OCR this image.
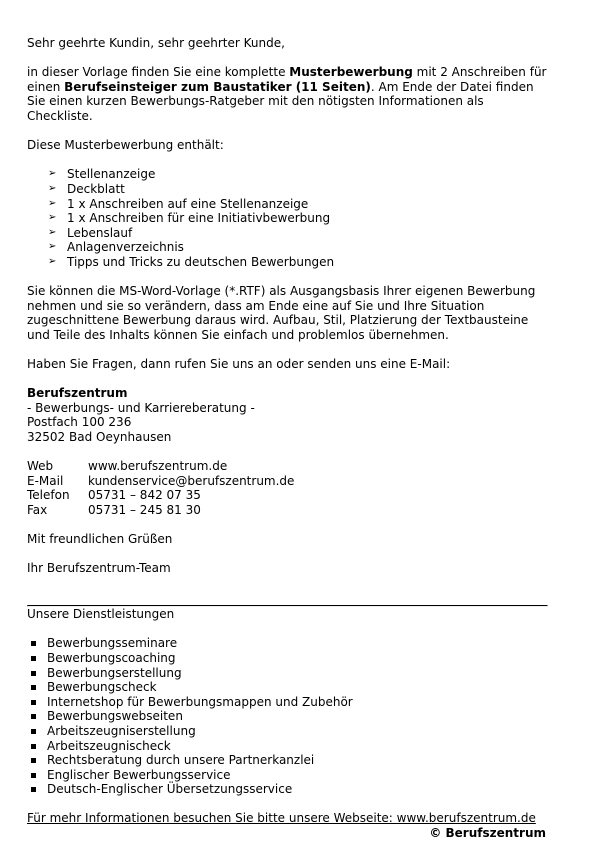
Sehr geehrte Kundin, sehr geehrter Kunde,

in dieser Vorlage finden Sie eine komplette Musterbewerbung mit 2 Anschreiben für einen Berufseinsteiger zum Baustatiker (11 Seiten). Am Ende der Datei finden Sie einen kurzen Bewerbungs-Ratgeber mit den nötigsten Informationen als Checkliste.

Diese Musterbewerbung enthält:

➢ Stellenanzeige
➢ Deckblatt
➢ 1 x Anschreiben auf eine Stellenanzeige
➢ 1 x Anschreiben für eine Initiativbewerbung
➢ Lebenslauf
➢ Anlagenverzeichnis
➢ Tipps und Tricks zu deutschen Bewerbungen

Sie können die MS-Word-Vorlage (*.RTF) als Ausgangsbasis Ihrer eigenen Bewerbung nehmen und sie so verändern, dass am Ende eine auf Sie und Ihre Situation zugeschnittene Bewerbung daraus wird. Aufbau, Stil, Platzierung der Textbausteine und Teile des Inhalts können Sie einfach und problemlos übernehmen.

Haben Sie Fragen, dann rufen Sie uns an oder senden uns eine E-Mail:

Berufszentrum

- Bewerbungs- und Karriereberatung -

Postfach 100 236

32502 Bad Oeynhausen

Web	www.berufszentrum.de
E-Mail	kundenservice@berufszentrum.de
Telefon	05731 – 842 07 35
Fax	05731 – 245 81 30

Mit freundlichen Grüßen

Ihr Berufszentrum-Team

Unsere Dienstleistungen

Bewerbungsseminare
Bewerbungscoaching
Bewerbungserstellung
Bewerbungscheck
Internetshop für Bewerbungsmappen und Zubehör
Bewerbungswebseiten
Arbeitszeugniserstellung
Arbeitszeugnischeck
Rechtsberatung durch unsere Partnerkanzlei
Englischer Bewerbungsservice
Deutsch-Englischer Übersetzungsservice

Für mehr Informationen besuchen Sie bitte unsere Webseite: www.berufszentrum.de

© Berufszentrum
